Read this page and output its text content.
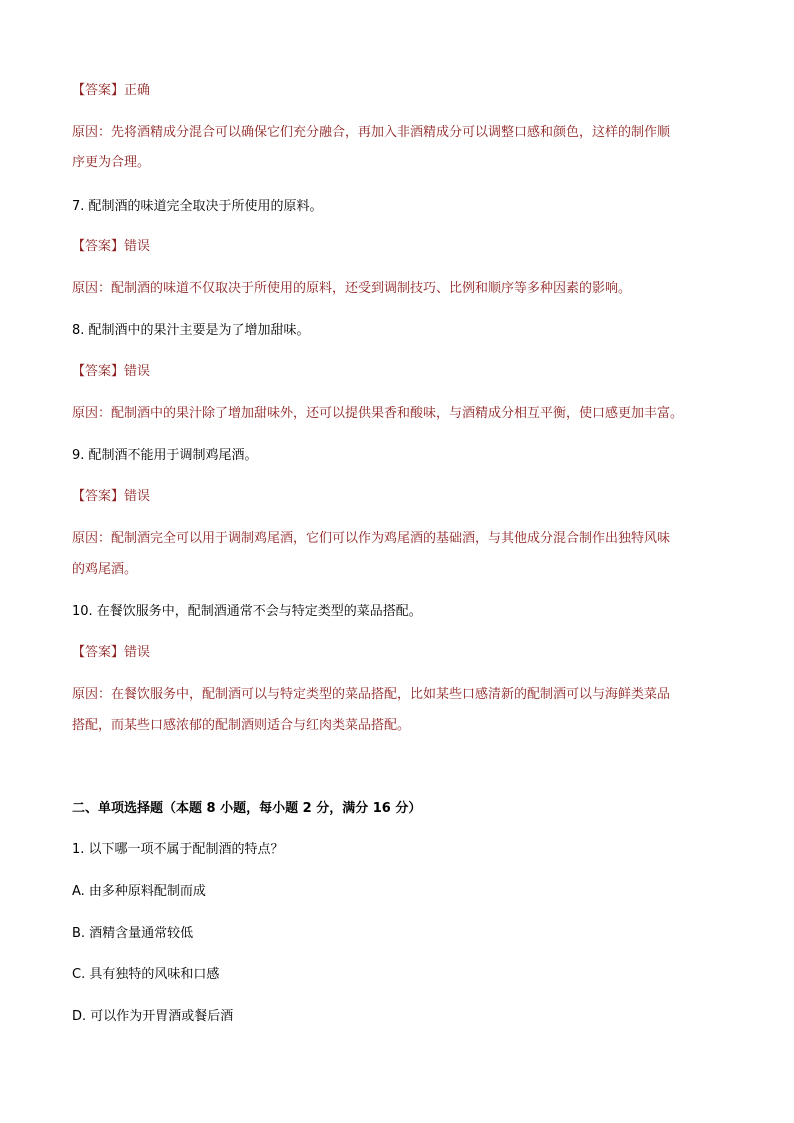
【答案】正确
原因：先将酒精成分混合可以确保它们充分融合，再加入非酒精成分可以调整口感和颜色，这样的制作顺
序更为合理。
7. 配制酒的味道完全取决于所使用的原料。
【答案】错误
原因：配制酒的味道不仅取决于所使用的原料，还受到调制技巧、比例和顺序等多种因素的影响。
8. 配制酒中的果汁主要是为了增加甜味。
【答案】错误
原因：配制酒中的果汁除了增加甜味外，还可以提供果香和酸味，与酒精成分相互平衡，使口感更加丰富。
9. 配制酒不能用于调制鸡尾酒。
【答案】错误
原因：配制酒完全可以用于调制鸡尾酒，它们可以作为鸡尾酒的基础酒，与其他成分混合制作出独特风味
的鸡尾酒。
10. 在餐饮服务中，配制酒通常不会与特定类型的菜品搭配。
【答案】错误
原因：在餐饮服务中，配制酒可以与特定类型的菜品搭配，比如某些口感清新的配制酒可以与海鲜类菜品
搭配，而某些口感浓郁的配制酒则适合与红肉类菜品搭配。
二、单项选择题（本题 8 小题，每小题 2 分，满分 16 分）
1. 以下哪一项不属于配制酒的特点？
A. 由多种原料配制而成
B. 酒精含量通常较低
C. 具有独特的风味和口感
D. 可以作为开胃酒或餐后酒
